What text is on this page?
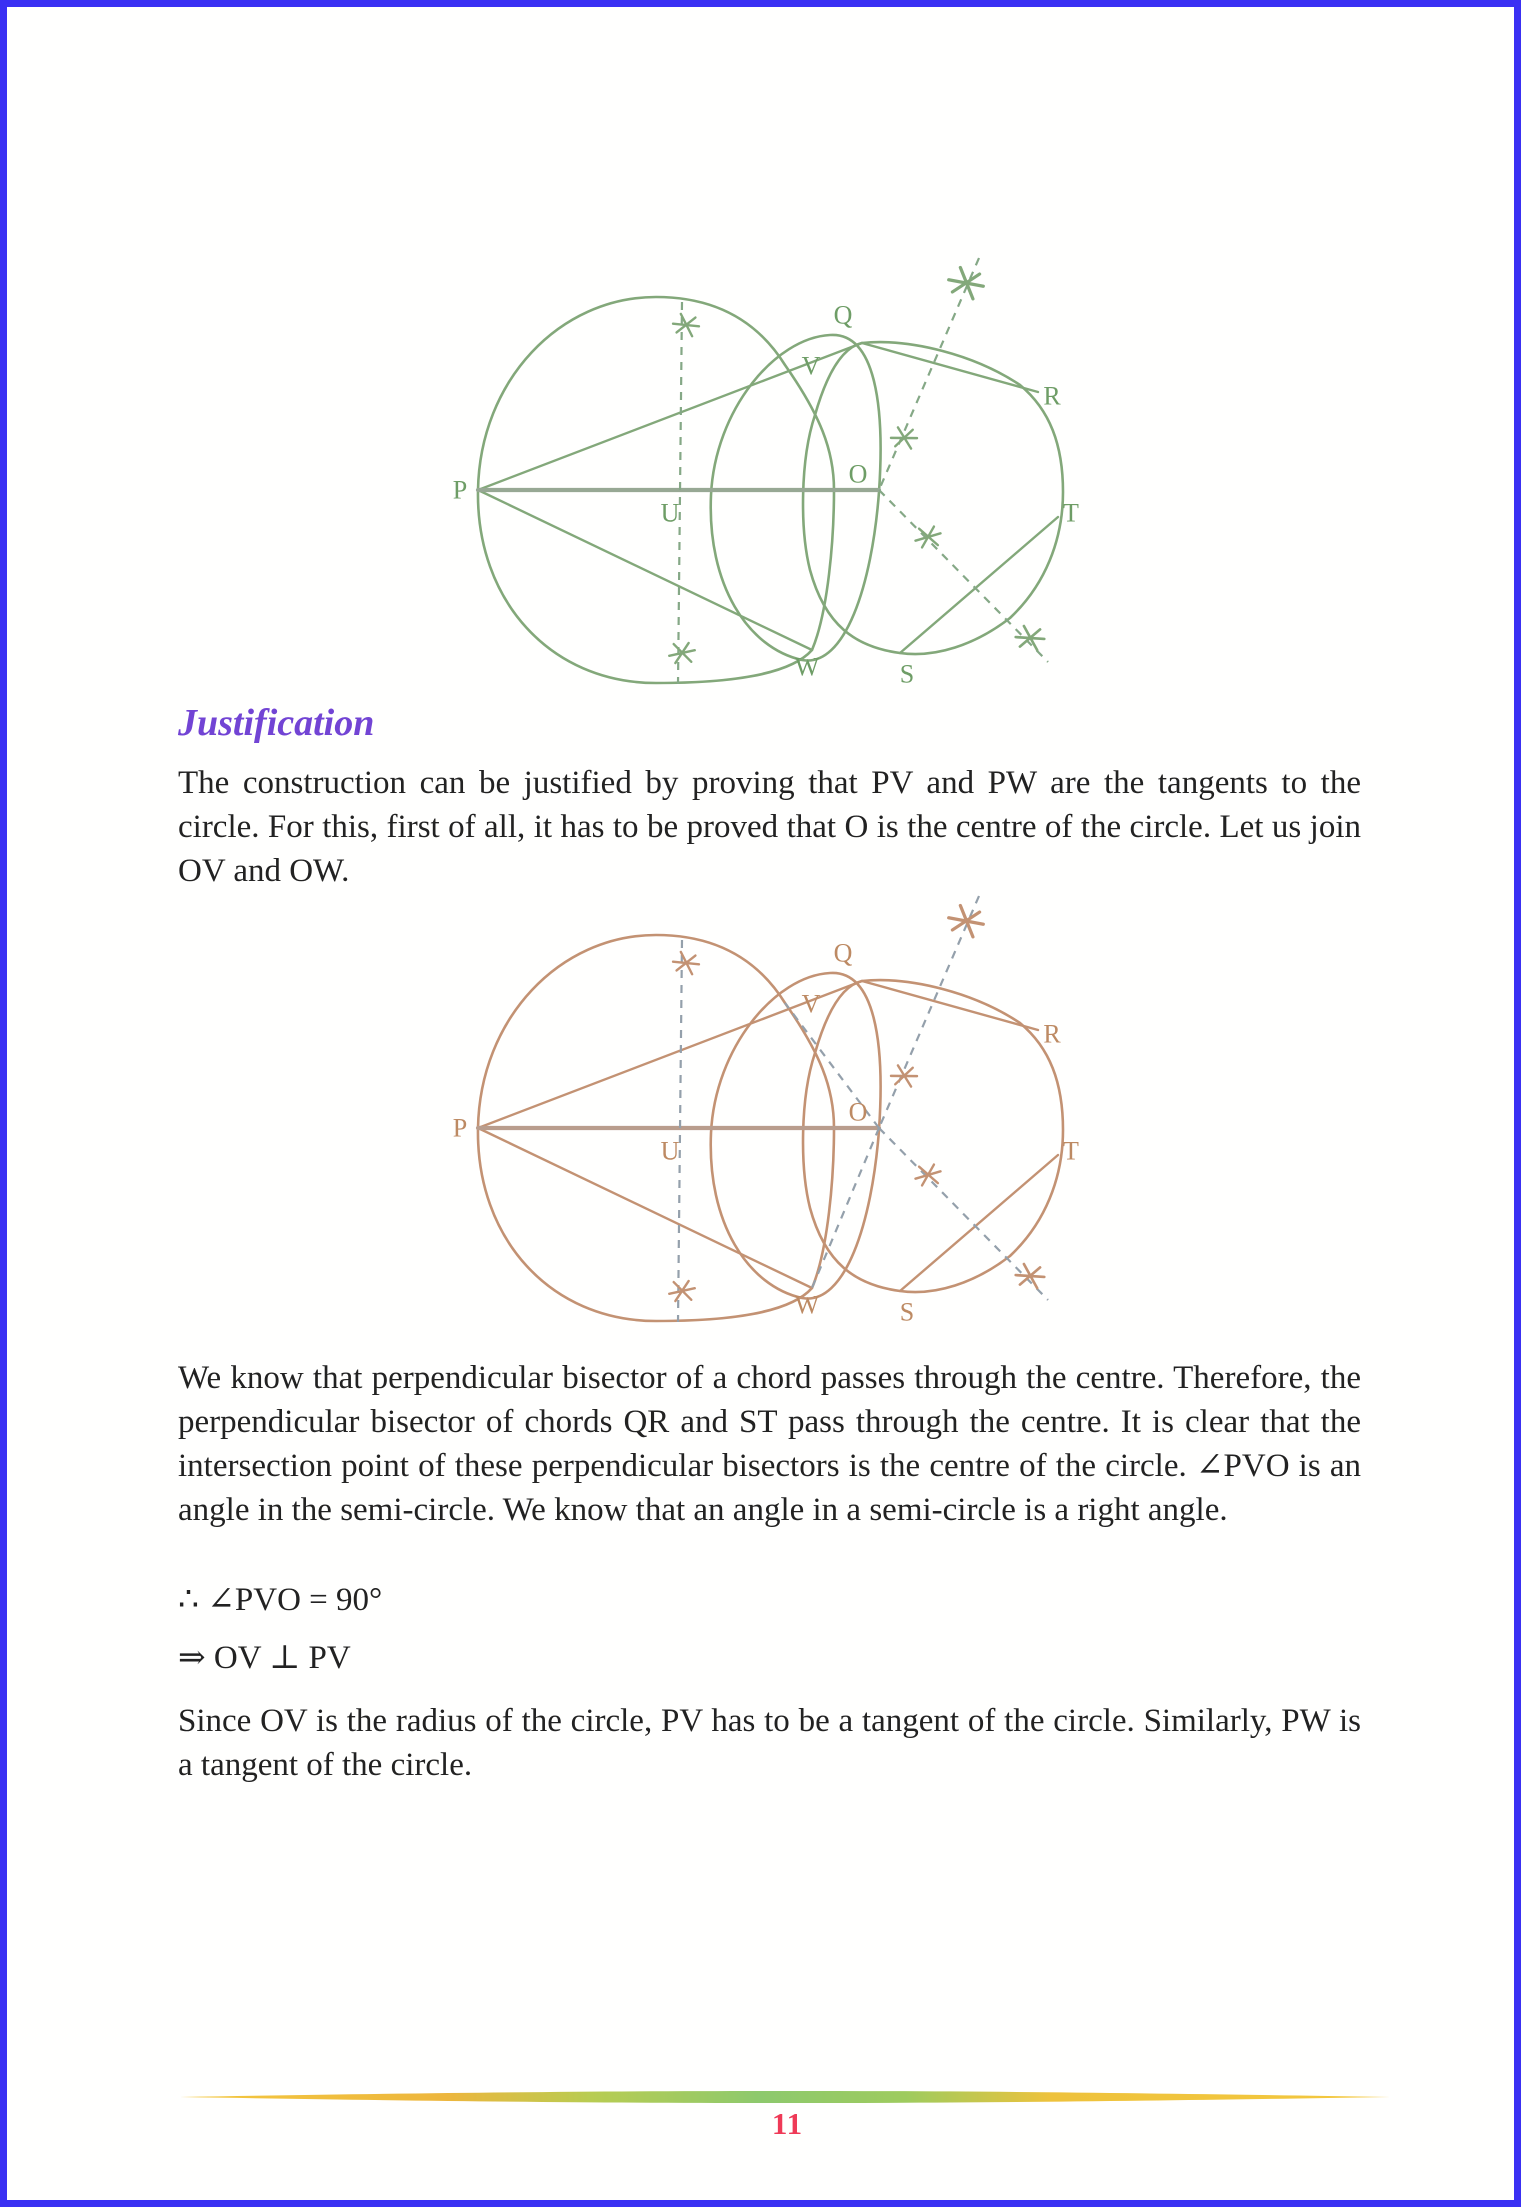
P
Q
V
R
O
U	T
W	S
Justification
The construction can be justified by proving that PV and PW are the tangents to the circle. For this, first of all, it has to be proved that O is the centre of the circle. Let us join OV and OW.
P
Q
V
R
O
U	T
W	S
We know that perpendicular bisector of a chord passes through the centre. Therefore, the perpendicular bisector of chords QR and ST pass through the centre. It is clear that the intersection point of these perpendicular bisectors is the centre of the circle. ∠PVO is an angle in the semi-circle. We know that an angle in a semi-circle is a right angle.
∴ ∠PVO = 90°
⇒ OV ⊥ PV
Since OV is the radius of the circle, PV has to be a tangent of the circle. Similarly, PW is a tangent of the circle.
11
